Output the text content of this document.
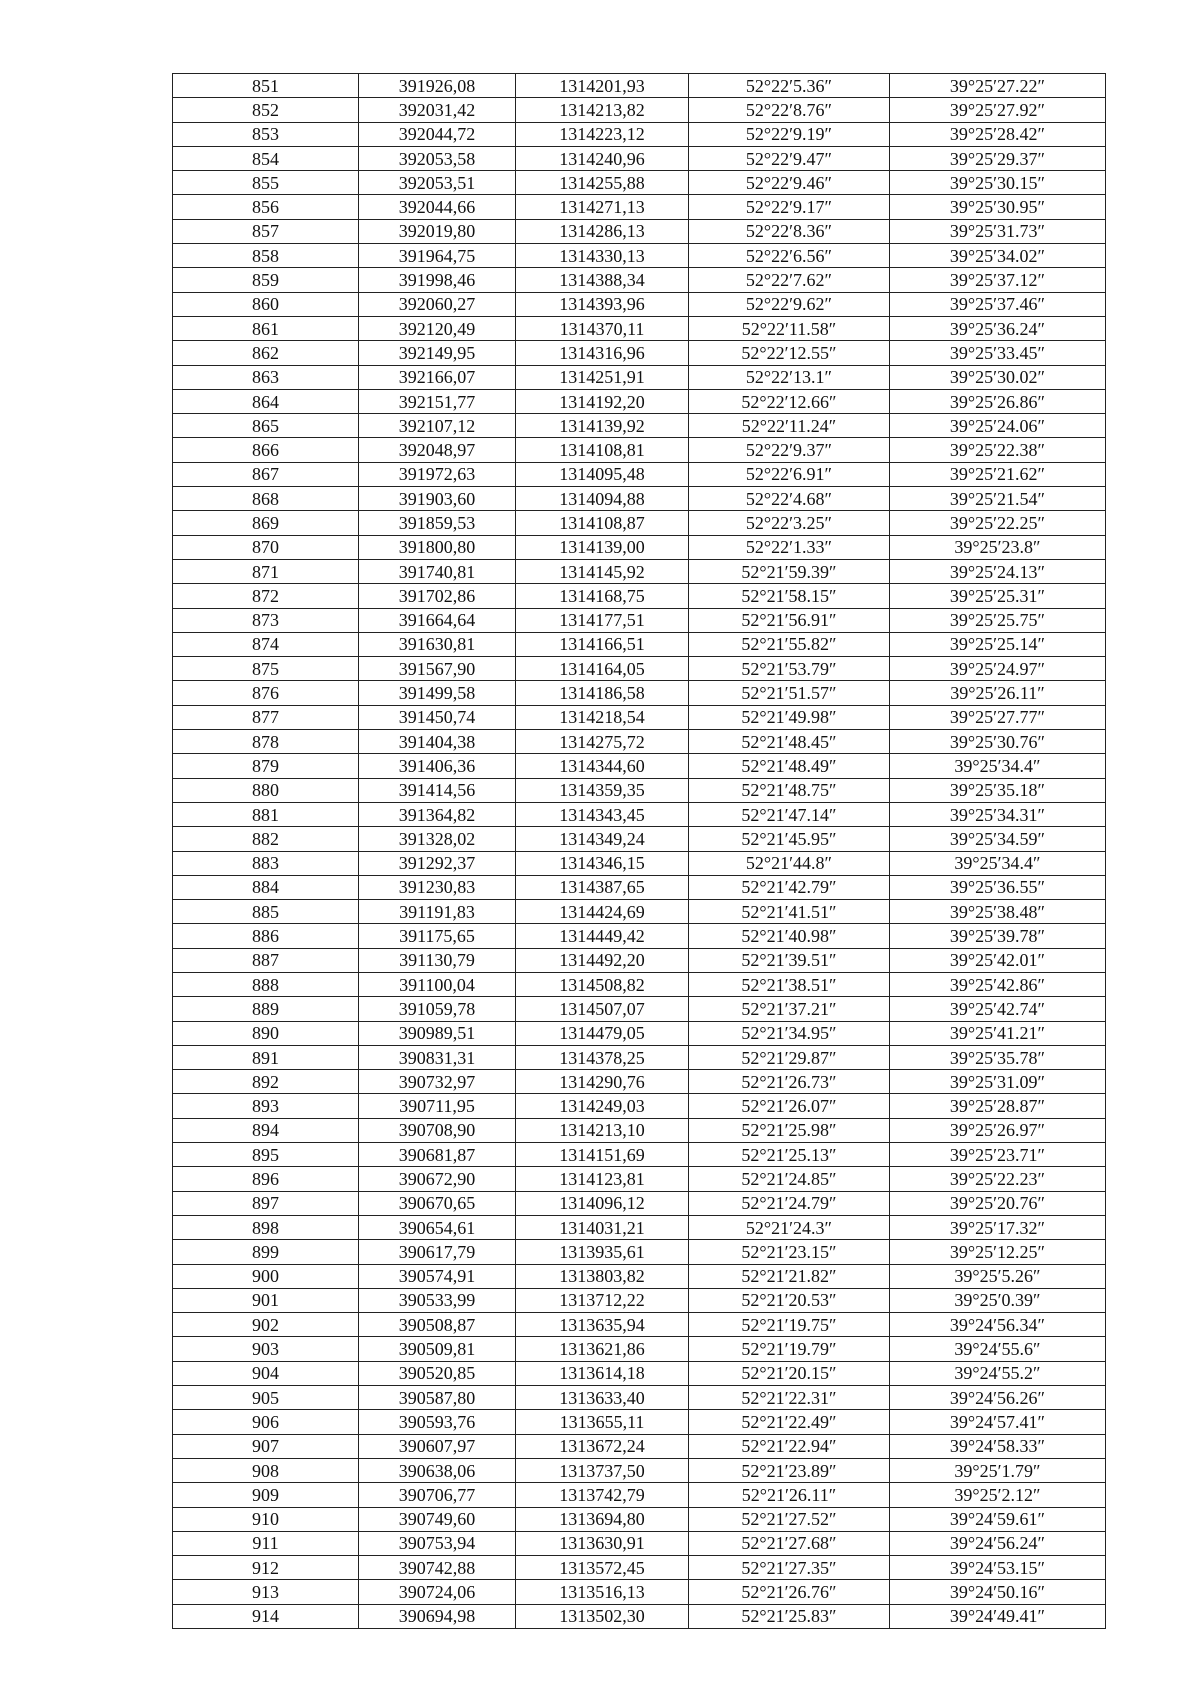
851	391926,08	1314201,93	52°22′5.36″	39°25′27.22″
852	392031,42	1314213,82	52°22′8.76″	39°25′27.92″
853	392044,72	1314223,12	52°22′9.19″	39°25′28.42″
854	392053,58	1314240,96	52°22′9.47″	39°25′29.37″
855	392053,51	1314255,88	52°22′9.46″	39°25′30.15″
856	392044,66	1314271,13	52°22′9.17″	39°25′30.95″
857	392019,80	1314286,13	52°22′8.36″	39°25′31.73″
858	391964,75	1314330,13	52°22′6.56″	39°25′34.02″
859	391998,46	1314388,34	52°22′7.62″	39°25′37.12″
860	392060,27	1314393,96	52°22′9.62″	39°25′37.46″
861	392120,49	1314370,11	52°22′11.58″	39°25′36.24″
862	392149,95	1314316,96	52°22′12.55″	39°25′33.45″
863	392166,07	1314251,91	52°22′13.1″	39°25′30.02″
864	392151,77	1314192,20	52°22′12.66″	39°25′26.86″
865	392107,12	1314139,92	52°22′11.24″	39°25′24.06″
866	392048,97	1314108,81	52°22′9.37″	39°25′22.38″
867	391972,63	1314095,48	52°22′6.91″	39°25′21.62″
868	391903,60	1314094,88	52°22′4.68″	39°25′21.54″
869	391859,53	1314108,87	52°22′3.25″	39°25′22.25″
870	391800,80	1314139,00	52°22′1.33″	39°25′23.8″
871	391740,81	1314145,92	52°21′59.39″	39°25′24.13″
872	391702,86	1314168,75	52°21′58.15″	39°25′25.31″
873	391664,64	1314177,51	52°21′56.91″	39°25′25.75″
874	391630,81	1314166,51	52°21′55.82″	39°25′25.14″
875	391567,90	1314164,05	52°21′53.79″	39°25′24.97″
876	391499,58	1314186,58	52°21′51.57″	39°25′26.11″
877	391450,74	1314218,54	52°21′49.98″	39°25′27.77″
878	391404,38	1314275,72	52°21′48.45″	39°25′30.76″
879	391406,36	1314344,60	52°21′48.49″	39°25′34.4″
880	391414,56	1314359,35	52°21′48.75″	39°25′35.18″
881	391364,82	1314343,45	52°21′47.14″	39°25′34.31″
882	391328,02	1314349,24	52°21′45.95″	39°25′34.59″
883	391292,37	1314346,15	52°21′44.8″	39°25′34.4″
884	391230,83	1314387,65	52°21′42.79″	39°25′36.55″
885	391191,83	1314424,69	52°21′41.51″	39°25′38.48″
886	391175,65	1314449,42	52°21′40.98″	39°25′39.78″
887	391130,79	1314492,20	52°21′39.51″	39°25′42.01″
888	391100,04	1314508,82	52°21′38.51″	39°25′42.86″
889	391059,78	1314507,07	52°21′37.21″	39°25′42.74″
890	390989,51	1314479,05	52°21′34.95″	39°25′41.21″
891	390831,31	1314378,25	52°21′29.87″	39°25′35.78″
892	390732,97	1314290,76	52°21′26.73″	39°25′31.09″
893	390711,95	1314249,03	52°21′26.07″	39°25′28.87″
894	390708,90	1314213,10	52°21′25.98″	39°25′26.97″
895	390681,87	1314151,69	52°21′25.13″	39°25′23.71″
896	390672,90	1314123,81	52°21′24.85″	39°25′22.23″
897	390670,65	1314096,12	52°21′24.79″	39°25′20.76″
898	390654,61	1314031,21	52°21′24.3″	39°25′17.32″
899	390617,79	1313935,61	52°21′23.15″	39°25′12.25″
900	390574,91	1313803,82	52°21′21.82″	39°25′5.26″
901	390533,99	1313712,22	52°21′20.53″	39°25′0.39″
902	390508,87	1313635,94	52°21′19.75″	39°24′56.34″
903	390509,81	1313621,86	52°21′19.79″	39°24′55.6″
904	390520,85	1313614,18	52°21′20.15″	39°24′55.2″
905	390587,80	1313633,40	52°21′22.31″	39°24′56.26″
906	390593,76	1313655,11	52°21′22.49″	39°24′57.41″
907	390607,97	1313672,24	52°21′22.94″	39°24′58.33″
908	390638,06	1313737,50	52°21′23.89″	39°25′1.79″
909	390706,77	1313742,79	52°21′26.11″	39°25′2.12″
910	390749,60	1313694,80	52°21′27.52″	39°24′59.61″
911	390753,94	1313630,91	52°21′27.68″	39°24′56.24″
912	390742,88	1313572,45	52°21′27.35″	39°24′53.15″
913	390724,06	1313516,13	52°21′26.76″	39°24′50.16″
914	390694,98	1313502,30	52°21′25.83″	39°24′49.41″
